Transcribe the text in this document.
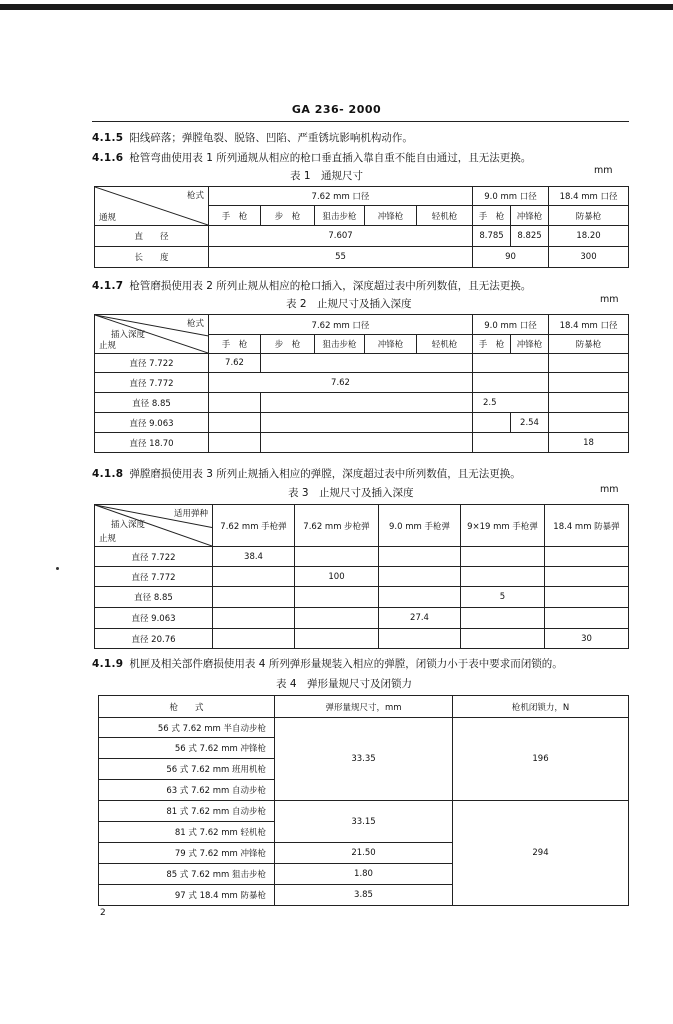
GA 236- 2000
4.1.5 阳线碎落；弹膛龟裂、脱铬、凹陷、严重锈坑影响机构动作。
4.1.6 枪管弯曲使用表 1 所列通规从相应的枪口垂直插入靠自重不能自由通过，且无法更换。
表 1　通规尺寸	mm
枪式
通规	7.62 mm 口径					9.0 mm 口径		18.4 mm 口径
	手　枪	步　枪	狙击步枪	冲锋枪	轻机枪	手　枪	冲锋枪	防暴枪
直　　径	7.607					8.785	8.825	18.20
长　　度	55					90		300
4.1.7 枪管磨损使用表 2 所列止规从相应的枪口插入，深度超过表中所列数值，且无法更换。
表 2　止规尺寸及插入深度	mm
枪式
插入深度
止规	7.62 mm 口径					9.0 mm 口径		18.4 mm 口径
	手　枪	步　枪	狙击步枪	冲锋枪	轻机枪	手　枪	冲锋枪	防暴枪
直径 7.722	7.62							
直径 7.772	7.62							
直径 8.85						2.5		
直径 9.063							2.54	
直径 18.70								18
4.1.8 弹膛磨损使用表 3 所列止规插入相应的弹膛，深度超过表中所列数值，且无法更换。
表 3　止规尺寸及插入深度	mm
适用弹种
插入深度
止规	7.62 mm 手枪弹	7.62 mm 步枪弹	9.0 mm 手枪弹	9×19 mm 手枪弹	18.4 mm 防暴弹
直径 7.722	38.4				
直径 7.772		100			
直径 8.85				5	
直径 9.063			27.4		
直径 20.76					30
4.1.9 机匣及相关部件磨损使用表 4 所列弹形量规装入相应的弹膛，闭锁力小于表中要求而闭锁的。
表 4　弹形量规尺寸及闭锁力
枪　　式	弹形量规尺寸，mm	枪机闭锁力，N
56 式 7.62 mm 半自动步枪	33.35	196
56 式 7.62 mm 冲锋枪		
56 式 7.62 mm 班用机枪		
63 式 7.62 mm 自动步枪		
81 式 7.62 mm 自动步枪	33.15	294
81 式 7.62 mm 轻机枪		
79 式 7.62 mm 冲锋枪	21.50	
85 式 7.62 mm 狙击步枪	1.80	
97 式 18.4 mm 防暴枪	3.85	
2
